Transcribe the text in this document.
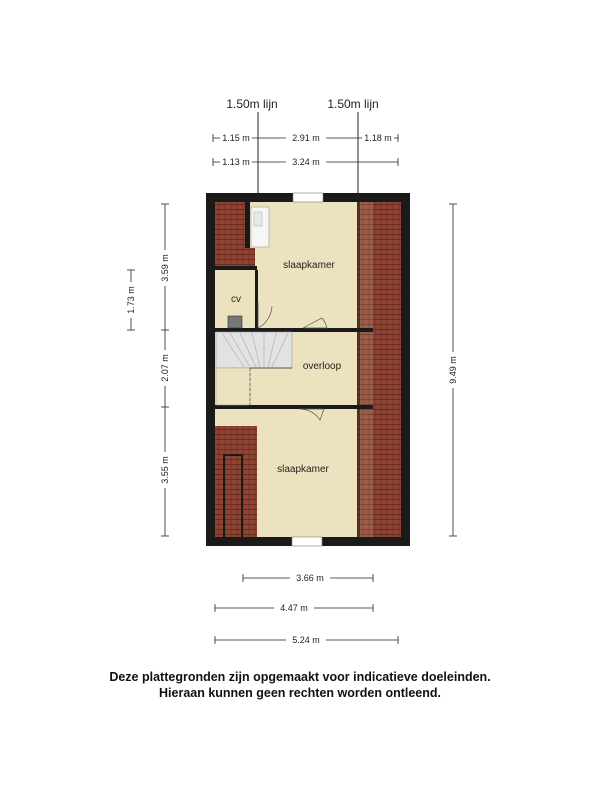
1.50m lijn	1.50m lijn
1.15 m	2.91 m	1.18 m
1.13 m	3.24 m
3.59 m
2.07 m
3.55 m
1.73 m
9.49 m
3.66 m
4.47 m
5.24 m
slaapkamer
cv
overloop
slaapkamer
Deze plattegronden zijn opgemaakt voor indicatieve doeleinden.
Hieraan kunnen geen rechten worden ontleend.
